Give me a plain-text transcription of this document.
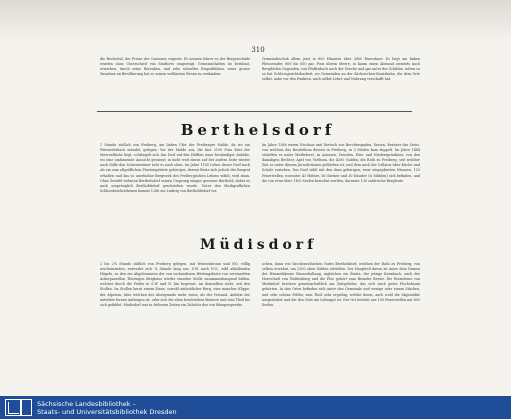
310

die Bechertal, der Preise des Cantones vorpreis. Er nennen lehrer es der Bergesschäde wurden ohne Unterschied von Stadtorts eingezeigt. Gemeinschaften ist berühmt, erwerben, durch seine Rutenken, und sehr schnelles Emporblühen, seine grosse Zunahme an Bevölkerung hat es seinen weltlauten Wesen zu verdanken.

Gemeindeschuh allein jetzt in 600 Häusern über 3800 Einwohner. Es liegt am linken Pleissenufer, 800 bis 850 par. Fuss überm Meere, in kaum einen Abstand ostwärts nach Bergdörfen Gegenden, von Pfaffenbach nach der Dreche und gar unter der Schilder, sofern so so hat Schlossgerichtsbarkeit, wo Gemeinden an der Sächsischen-Staatsbahn, die dem Orte selbst, nahe vor den Punkten, auch selbst Lehre und Nahrung verschafft hat.

Berthelsdorf

1 Stunde südlich von Freiberg, am linken Ufer der Freiberger Mulde, da wo ein Weisseritzbach mündet, gelegen. Vor der Mulde aus, die hier 2100 Fuss über der Meeresfläche liegt, schlängelt sich das Dorf auf den Hälften einer beständiger Anhöhe, wo eine umfassende Aussicht geniesst; in nicht weit davon auf der andern Seite wieder nach Stille den Schwarzstiner ruht es nach oben. Im Jahre 1185 Lehen dieser Dorf noch als ein zum altgräflichen Fürstengebiete gehöriges, dessen Reste sich jedoch der Bargraf erhalten und das so unerhobne Bergwerk des Freibergischen Lehens wählt, weil dann. Ohne Zweifel wohnten Berthelsdorf seinen Ursprung einiger gewisser Berthold, daher es auch ursprünglich Bertholdsdorf geschrieben wurde. Unter den Markgraflichen Schlossbeschriebenen kommt 1286 ein Ludwig von Bertholdsdorf vor.

Im Jahre 1388 waren Nicolaus und Dietrich von Berchtesgaden, Vassen, Besitzer des Ortes, von welchen das Besitzthum dessen in Freiberg, in 3 Meilen kam doppelt. Im Jahre 1444 erhielten es unter Mutheforst, zu Anessen, Dresden, Hirs- und Niedersprindinen, von den damaligen Bechter, Apel von Vizthum, die 4200 Gulden, die Rath zu Freiberg, seit welcher Zeit er unter diesem Jurisdictionen geblieben ist, und dem auch die Collatur über Kirche und Schule zustehen. Das Dorf zählt mit den dazu gehörigen, zwar eingepfarrten Häusern, 120 Feuerstellen, worunter 43 Hüfner, 16 Gärtner und 30 Häusler (& Mühlen) sich befinden, und die von etwa über 1100 Seelen bewohnt werden, darunter 130 zahlreiche Bergleute.

Müdisdorf

2 bis 2¼ Stunde südlich von Freiberg gelegen, mit Weissenbrunn und NO, völlig erscheinenden, entweder sich ¾ Stunde lang aus, S.W. nach N.O., wild abfallenden Hügeln, zu den ein Abgebrannten der von vorhandenen Hüttengebiete von vereinzelten Ackerparzellen Thüringen Bergbaus wieder einzelne Stolle zusammenhangend bilden, welcher durch die Felder in S.W. und N. hin begrenzt. An demselben steht, seit den Stollen. Im Stollen kernt einem Eisen, sowohl einheitlicher Berg, eine mancher Klippe, der Alpstein, über welchen der Alsergrunde mehr weiss, als der Versand. Aufsitzt der mittelste fernen Aufzeigen ist, oder sich die eben beschrieben kleinere und eine Theil bis sich gebildet. Mudisdorf war in früheren Zeiten ein Zubehör des von Bösepergwerks.

achen, dann von Vaschenrichschen Gutes Berthelsdorf, welchen der Rath zu Freiberg, von selben erwähnt, um 2300 oben Gulden erhielten. Der Hauptteil davon ist unter dem Namen der Himmelskrone Wasserhaltung, ingleichen ein Besitz, der jetzige Krombach, nach der Herrschaft von Waldenburg und die Flur gehört zum Brander Revier. Die Einwohner von Mudisdorf besitzen gemeinschaftlich am Zeitgehölze, das sich nach gutes Fischsbaum gehörten. In den Ortes befinden sich unter den Gemeinde und wenige oder einem Stücken, und sehr schöne Felder, zum Theil sehr ergiebig, welche ihnen, auch wohl die Sägemühle ausgestattet und die den Gute am Lehnsgut ist. Der Ort besteht aus 100 Feuerstellen mit 800 Seelen.

Sächsische Landesbibliothek –
Staats- und Universitätsbibliothek Dresden
